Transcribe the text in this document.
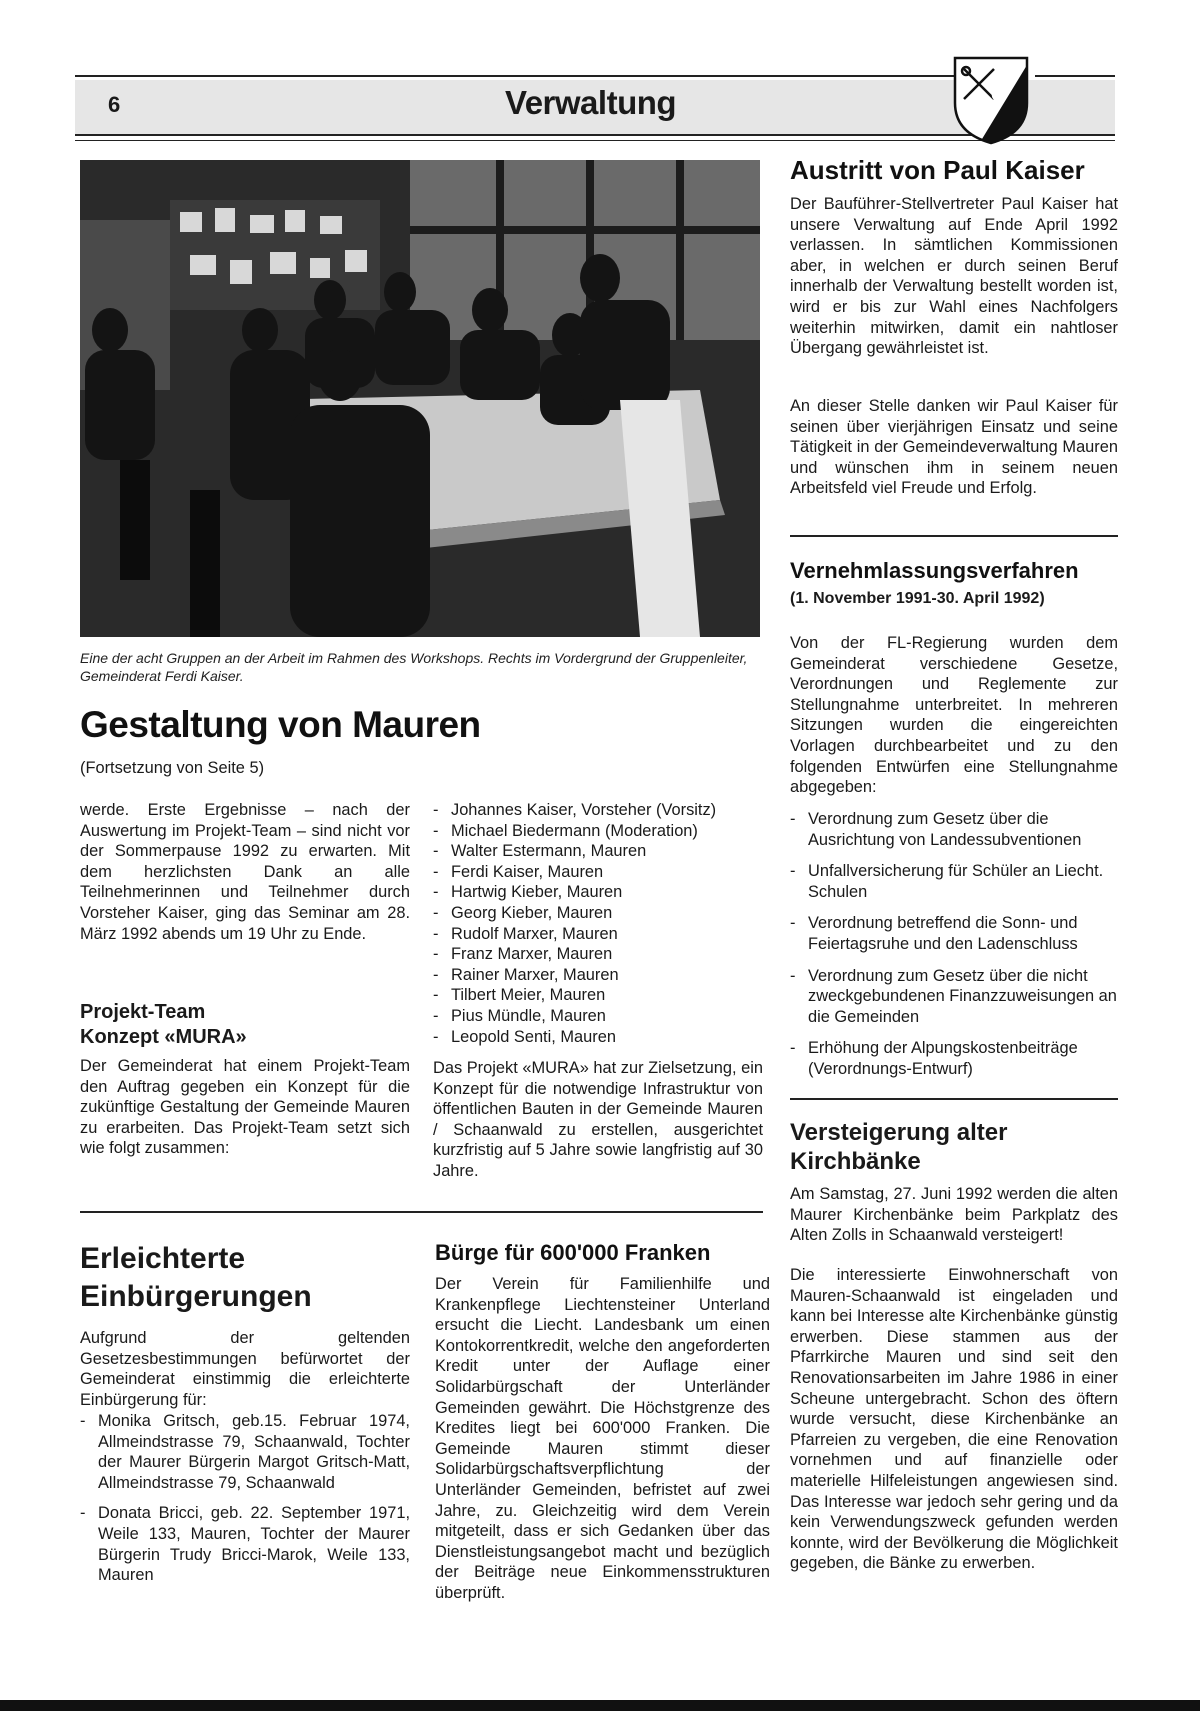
6	Verwaltung
Eine der acht Gruppen an der Arbeit im Rahmen des Workshops. Rechts im Vordergrund der Gruppenleiter, Gemeinderat Ferdi Kaiser.
Gestaltung von Mauren
(Fortsetzung von Seite 5)
werde. Erste Ergebnisse – nach der Auswertung im Projekt-Team – sind nicht vor der Sommerpause 1992 zu erwarten. Mit dem herzlichsten Dank an alle Teilnehmerinnen und Teilnehmer durch Vorsteher Kaiser, ging das Seminar am 28. März 1992 abends um 19 Uhr zu Ende.
Projekt-Team
Konzept «MURA»
Der Gemeinderat hat einem Projekt-Team den Auftrag gegeben ein Konzept für die zukünftige Gestaltung der Gemeinde Mauren zu erarbeiten. Das Projekt-Team setzt sich wie folgt zusammen:
- Johannes Kaiser, Vorsteher (Vorsitz)
- Michael Biedermann (Moderation)
- Walter Estermann, Mauren
- Ferdi Kaiser, Mauren
- Hartwig Kieber, Mauren
- Georg Kieber, Mauren
- Rudolf Marxer, Mauren
- Franz Marxer, Mauren
- Rainer Marxer, Mauren
- Tilbert Meier, Mauren
- Pius Mündle, Mauren
- Leopold Senti, Mauren
Das Projekt «MURA» hat zur Zielsetzung, ein Konzept für die notwendige Infrastruktur von öffentlichen Bauten in der Gemeinde Mauren / Schaanwald zu erstellen, ausgerichtet kurzfristig auf 5 Jahre sowie langfristig auf 30 Jahre.
Erleichterte
Einbürgerungen
Aufgrund der geltenden Gesetzesbestimmungen befürwortet der Gemeinderat einstimmig die erleichterte Einbürgerung für:
- Monika Gritsch, geb.15. Februar 1974, Allmeindstrasse 79, Schaanwald, Tochter der Maurer Bürgerin Margot Gritsch-Matt, Allmeindstrasse 79, Schaanwald
- Donata Bricci, geb. 22. September 1971, Weile 133, Mauren, Tochter der Maurer Bürgerin Trudy Bricci-Marok, Weile 133, Mauren
Bürge für 600'000 Franken
Der Verein für Familienhilfe und Krankenpflege Liechtensteiner Unterland ersucht die Liecht. Landesbank um einen Kontokorrentkredit, welche den angeforderten Kredit unter der Auflage einer Solidarbürgschaft der Unterländer Gemeinden gewährt. Die Höchstgrenze des Kredites liegt bei 600'000 Franken. Die Gemeinde Mauren stimmt dieser Solidarbürgschaftsverpflichtung der Unterländer Gemeinden, befristet auf zwei Jahre, zu. Gleichzeitig wird dem Verein mitgeteilt, dass er sich Gedanken über das Dienstleistungsangebot macht und bezüglich der Beiträge neue Einkommensstrukturen überprüft.
Austritt von Paul Kaiser
Der Bauführer-Stellvertreter Paul Kaiser hat unsere Verwaltung auf Ende April 1992 verlassen. In sämtlichen Kommissionen aber, in welchen er durch seinen Beruf innerhalb der Verwaltung bestellt worden ist, wird er bis zur Wahl eines Nachfolgers weiterhin mitwirken, damit ein nahtloser Übergang gewährleistet ist.
An dieser Stelle danken wir Paul Kaiser für seinen über vierjährigen Einsatz und seine Tätigkeit in der Gemeindeverwaltung Mauren und wünschen ihm in seinem neuen Arbeitsfeld viel Freude und Erfolg.
Vernehmlassungsverfahren
(1. November 1991-30. April 1992)
Von der FL-Regierung wurden dem Gemeinderat verschiedene Gesetze, Verordnungen und Reglemente zur Stellungnahme unterbreitet. In mehreren Sitzungen wurden die eingereichten Vorlagen durchbearbeitet und zu den folgenden Entwürfen eine Stellungnahme abgegeben:
- Verordnung zum Gesetz über die Ausrichtung von Landessubventionen
- Unfallversicherung für Schüler an Liecht. Schulen
- Verordnung betreffend die Sonn- und Feiertagsruhe und den Ladenschluss
- Verordnung zum Gesetz über die nicht zweckgebundenen Finanzzuweisungen an die Gemeinden
- Erhöhung der Alpungskostenbeiträge (Verordnungs-Entwurf)
Versteigerung alter
Kirchbänke
Am Samstag, 27. Juni 1992 werden die alten Maurer Kirchenbänke beim Parkplatz des Alten Zolls in Schaanwald versteigert!
Die interessierte Einwohnerschaft von Mauren-Schaanwald ist eingeladen und kann bei Interesse alte Kirchenbänke günstig erwerben. Diese stammen aus der Pfarrkirche Mauren und sind seit den Renovationsarbeiten im Jahre 1986 in einer Scheune untergebracht. Schon des öftern wurde versucht, diese Kirchenbänke an Pfarreien zu vergeben, die eine Renovation vornehmen und auf finanzielle oder materielle Hilfeleistungen angewiesen sind. Das Interesse war jedoch sehr gering und da kein Verwendungszweck gefunden werden konnte, wird der Bevölkerung die Möglichkeit gegeben, die Bänke zu erwerben.
